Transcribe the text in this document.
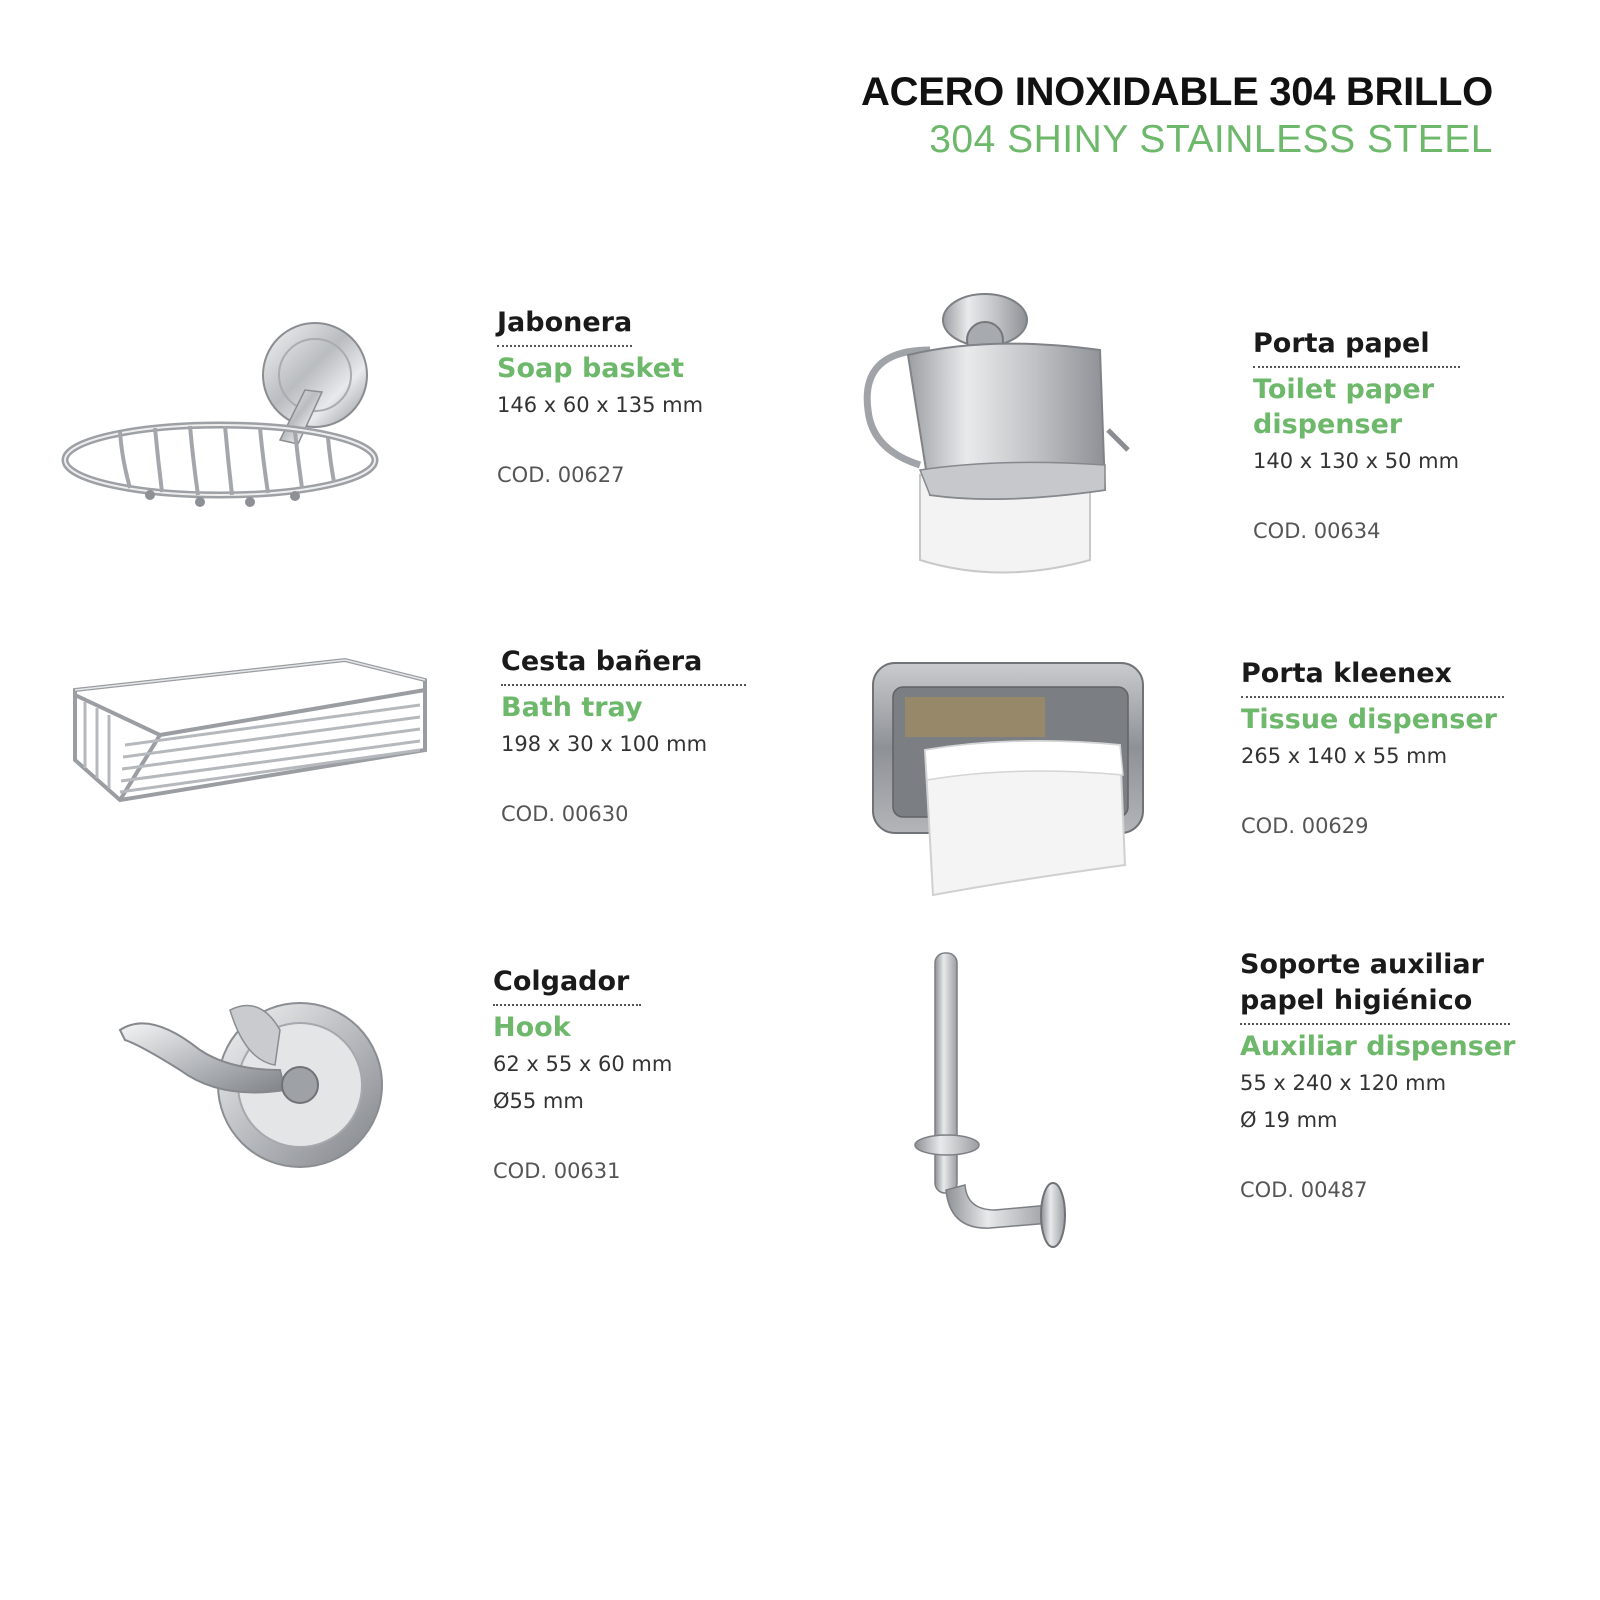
ACERO INOXIDABLE 304 BRILLO
304 SHINY STAINLESS STEEL
Jabonera
Soap basket
146 x 60 x 135 mm
COD. 00627
Cesta bañera
Bath tray
198 x 30 x 100 mm
COD. 00630
Colgador
Hook
62 x 55 x 60 mm
Ø55 mm
COD. 00631
Porta papel
Toilet paper
dispenser
140 x 130 x 50 mm
COD. 00634
Porta kleenex
Tissue dispenser
265 x 140 x 55 mm
COD. 00629
Soporte auxiliar
papel higiénico
Auxiliar dispenser
55 x 240 x 120 mm
Ø 19 mm
COD. 00487
